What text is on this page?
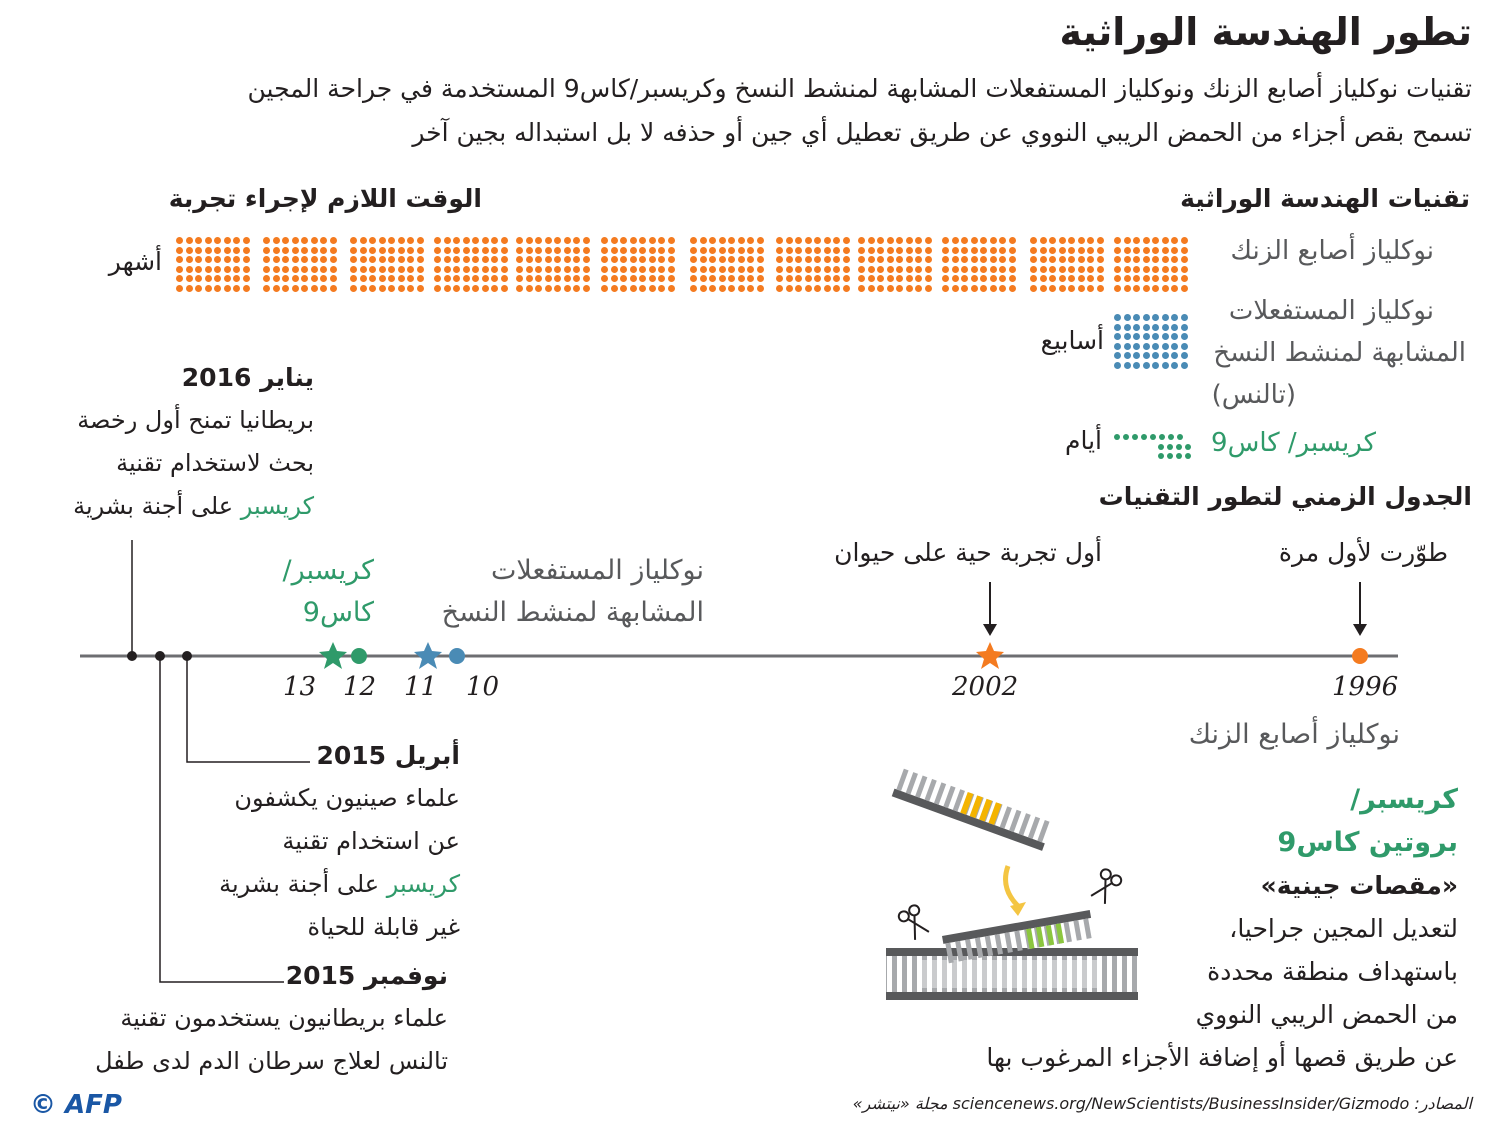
تطور الهندسة الوراثية
تقنيات نوكلياز أصابع الزنك ونوكلياز المستفعلات المشابهة لمنشط النسخ وكريسبر/كاس9 المستخدمة في جراحة المجين
تسمح بقص أجزاء من الحمض الريبي النووي عن طريق تعطيل أي جين أو حذفه لا بل استبداله بجين آخر
تقنيات الهندسة الوراثية
الوقت اللازم لإجراء تجربة
نوكلياز أصابع الزنك
أشهر
نوكلياز المستفعلات
المشابهة لمنشط النسخ
(تالنس)
أسابيع
كريسبر/ كاس9
أيام
الجدول الزمني لتطور التقنيات
طوّرت لأول مرة
أول تجربة حية على حيوان
نوكلياز المستفعلات
المشابهة لمنشط النسخ
كريسبر/
كاس9
نوكلياز أصابع الزنك
1996
2002
10
11
12
13
يناير 2016
بريطانيا تمنح أول رخصة
بحث لاستخدام تقنية
كريسبر على أجنة بشرية
أبريل 2015
علماء صينيون يكشفون
عن استخدام تقنية
كريسبر على أجنة بشرية
غير قابلة للحياة
نوفمبر 2015
علماء بريطانيون يستخدمون تقنية
تالنس لعلاج سرطان الدم لدى طفل
كريسبر/
بروتين كاس9
«مقصات جينية»
لتعديل المجين جراحيا،
باستهداف منطقة محددة
من الحمض الريبي النووي
عن طريق قصها أو إضافة الأجزاء المرغوب بها
المصادر: sciencenews.org/NewScientists/BusinessInsider/Gizmodo مجلة «نيتشر»
© AFP
